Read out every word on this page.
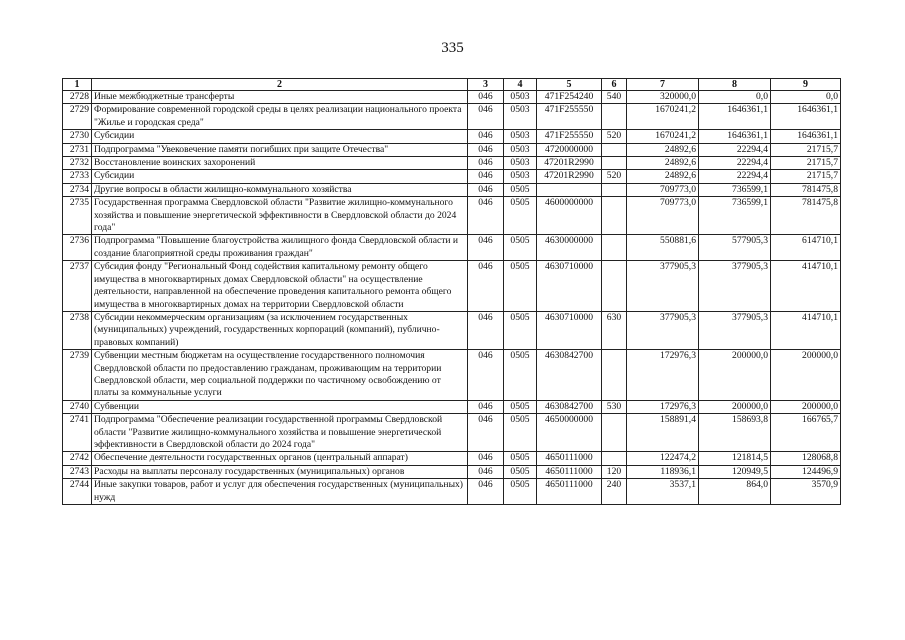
335
1	2	3	4	5	6	7	8	9
2728	Иные межбюджетные трансферты	046	0503	471F254240	540	320000,0	0,0	0,0
2729	Формирование современной городской среды в целях реализации национального проекта "Жилье и городская среда"	046	0503	471F255550		1670241,2	1646361,1	1646361,1
2730	Субсидии	046	0503	471F255550	520	1670241,2	1646361,1	1646361,1
2731	Подпрограмма "Увековечение памяти погибших при защите Отечества"	046	0503	4720000000		24892,6	22294,4	21715,7
2732	Восстановление воинских захоронений	046	0503	47201R2990		24892,6	22294,4	21715,7
2733	Субсидии	046	0503	47201R2990	520	24892,6	22294,4	21715,7
2734	Другие вопросы в области жилищно-коммунального хозяйства	046	0505			709773,0	736599,1	781475,8
2735	Государственная программа Свердловской области "Развитие жилищно-коммунального хозяйства и повышение энергетической эффективности в Свердловской области до 2024 года"	046	0505	4600000000		709773,0	736599,1	781475,8
2736	Подпрограмма "Повышение благоустройства жилищного фонда Свердловской области и создание благоприятной среды проживания граждан"	046	0505	4630000000		550881,6	577905,3	614710,1
2737	Субсидия фонду "Региональный Фонд содействия капитальному ремонту общего имущества в многоквартирных домах Свердловской области" на осуществление деятельности, направленной на обеспечение проведения капитального ремонта общего имущества в многоквартирных домах на территории Свердловской области	046	0505	4630710000		377905,3	377905,3	414710,1
2738	Субсидии некоммерческим организациям (за исключением государственных (муниципальных) учреждений, государственных корпораций (компаний), публично-правовых компаний)	046	0505	4630710000	630	377905,3	377905,3	414710,1
2739	Субвенции местным бюджетам на осуществление государственного полномочия Свердловской области по предоставлению гражданам, проживающим на территории Свердловской области, мер социальной поддержки по частичному освобождению от платы за коммунальные услуги	046	0505	4630842700		172976,3	200000,0	200000,0
2740	Субвенции	046	0505	4630842700	530	172976,3	200000,0	200000,0
2741	Подпрограмма "Обеспечение реализации государственной программы Свердловской области "Развитие жилищно-коммунального хозяйства и повышение энергетической эффективности в Свердловской области до 2024 года"	046	0505	4650000000		158891,4	158693,8	166765,7
2742	Обеспечение деятельности государственных органов (центральный аппарат)	046	0505	4650111000		122474,2	121814,5	128068,8
2743	Расходы на выплаты персоналу государственных (муниципальных) органов	046	0505	4650111000	120	118936,1	120949,5	124496,9
2744	Иные закупки товаров, работ и услуг для обеспечения государственных (муниципальных) нужд	046	0505	4650111000	240	3537,1	864,0	3570,9
